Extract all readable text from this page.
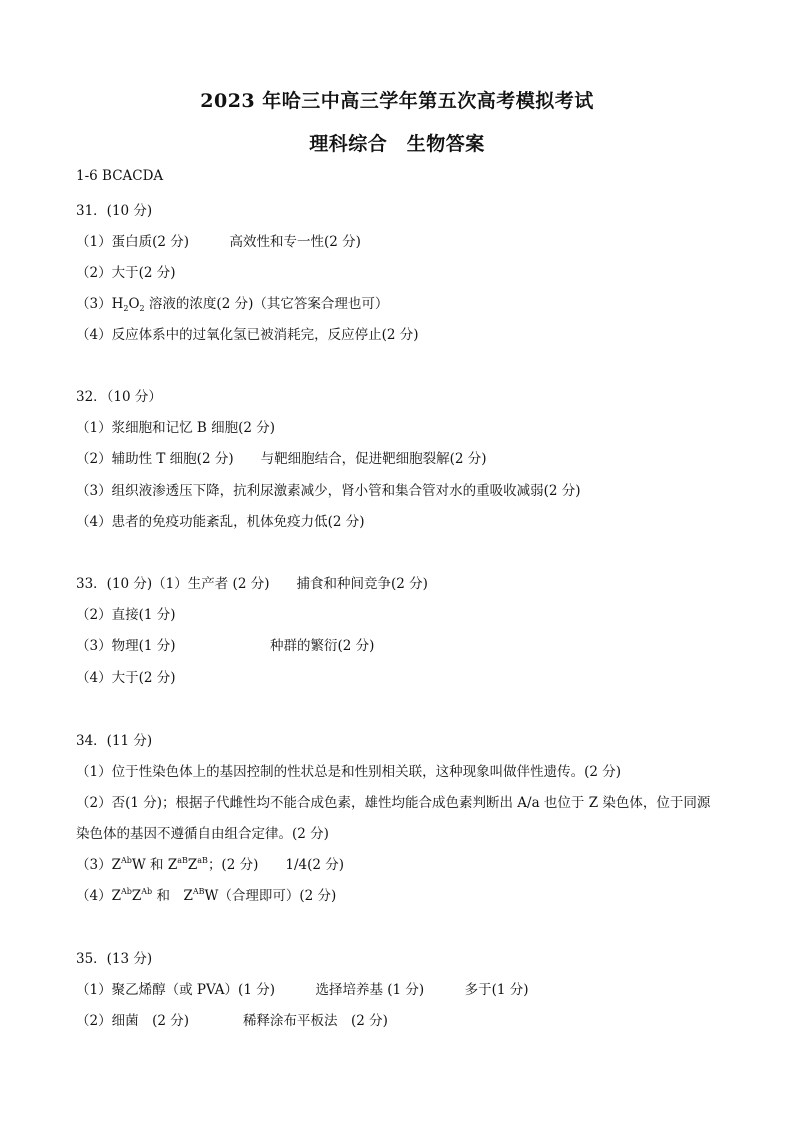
2023 年哈三中高三学年第五次高考模拟考试
理科综合　生物答案
1-6 BCACDA
31．(10 分)
（1）蛋白质(2 分)　　　高效性和专一性(2 分)
（2）大于(2 分)
$(3)H_2O_2$ 溶液的浓度(2 分)（其它答案合理也可）
（4）反应体系中的过氧化氢已被消耗完，反应停止(2 分)
32．（10 分）
（1）浆细胞和记忆 B 细胞(2 分)
（2）辅助性 T 细胞(2 分)　　与靶细胞结合，促进靶细胞裂解(2 分)
（3）组织液渗透压下降，抗利尿激素减少，肾小管和集合管对水的重吸收减弱(2 分)
（4）患者的免疫功能紊乱，机体免疫力低(2 分)
33．(10 分)（1）生产者 (2 分)　　捕食和种间竞争(2 分)
（2）直接(1 分)
（3）物理(1 分)　　　　　　　种群的繁衍(2 分)
（4）大于(2 分)
34．(11 分)
（1）位于性染色体上的基因控制的性状总是和性别相关联，这种现象叫做伴性遗传。(2 分)
（2）否(1 分)；根据子代雌性均不能合成色素，雄性均能合成色素判断出 A/a 也位于 Z 染色体，位于同源
染色体的基因不遵循自由组合定律。(2 分)
$(3)Z^{Ab}W$ 和 $Z^{aB}Z^{aB}$；(2 分)　　1/4(2 分)
$(4)Z^{Ab}Z^{Ab}$ 和　$Z^{AB}W$（合理即可）(2 分)
35．(13 分)
（1）聚乙烯醇（或 PVA）(1 分)　　　选择培养基 (1 分)　　　多于(1 分)
（2）细菌　(2 分)　　　　稀释涂布平板法　(2 分)
